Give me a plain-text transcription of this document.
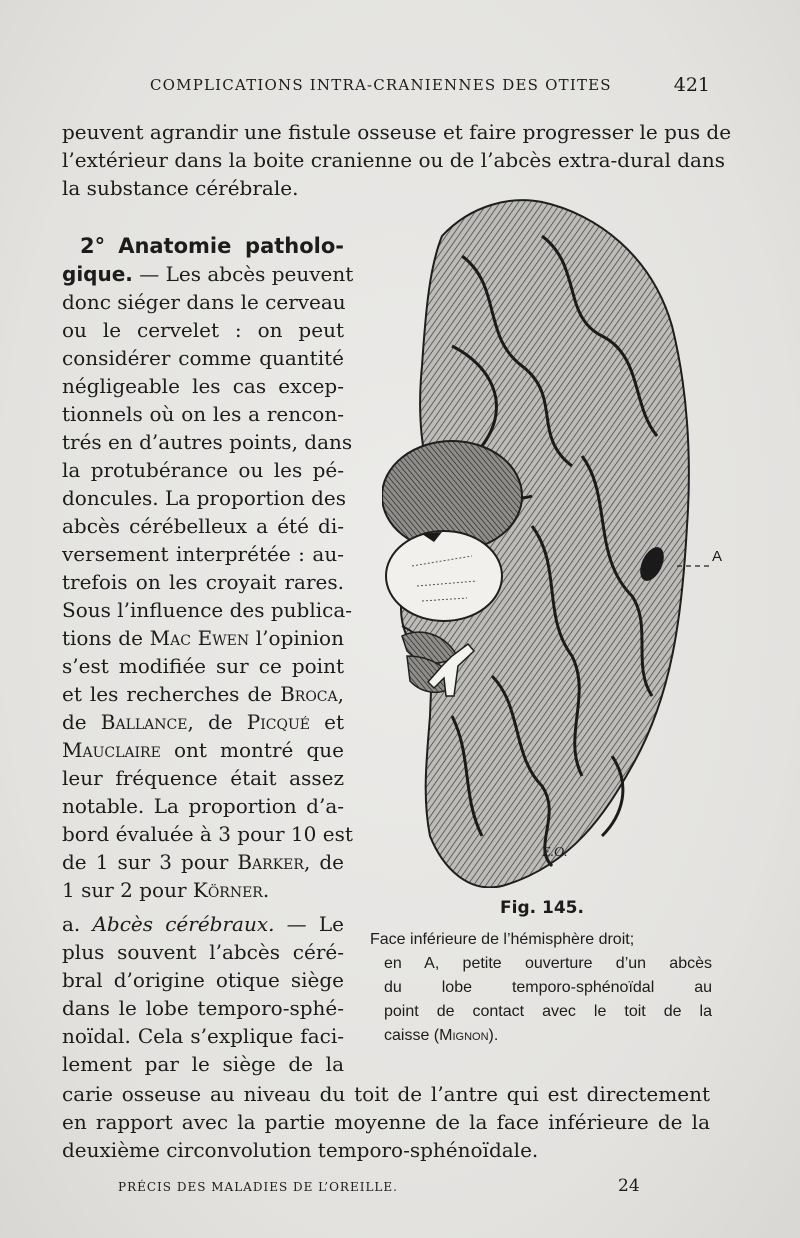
COMPLICATIONS INTRA-CRANIENNES DES OTITES	421
peuvent agrandir une fistule osseuse et faire progresser le pus de
l’extérieur dans la boite cranienne ou de l’abcès extra-dural dans
la substance cérébrale.
2° Anatomie patholo-
gique. — Les abcès peuvent
donc siéger dans le cerveau
ou le cervelet : on peut
considérer comme quantité
négligeable les cas excep-
tionnels où on les a rencon-
trés en d’autres points, dans
la protubérance ou les pé-
doncules. La proportion des
abcès cérébelleux a été di-
versement interprétée : au-
trefois on les croyait rares.
Sous l’influence des publica-
tions de Mac Ewen l’opinion
s’est modifiée sur ce point
et les recherches de Broca,
de Ballance, de Picqué et
Mauclaire ont montré que
leur fréquence était assez
notable. La proportion d’a-
bord évaluée à 3 pour 10 est
de 1 sur 3 pour Barker, de
1 sur 2 pour Körner.
a. Abcès cérébraux. — Le
plus souvent l’abcès céré-
bral d’origine otique siège
dans le lobe temporo-sphé-
noïdal. Cela s’explique faci-
lement par le siège de la
carie osseuse au niveau du toit de l’antre qui est directement
en rapport avec la partie moyenne de la face inférieure de la
deuxième circonvolution temporo-sphénoïdale.
E.O.
A
Fig. 145.
Face inférieure de l’hémisphère droit;
en A, petite ouverture d’un abcès
du lobe temporo-sphénoïdal au
point de contact avec le toit de la
caisse (Mignon).
PRÉCIS DES MALADIES DE L’OREILLE.	24
